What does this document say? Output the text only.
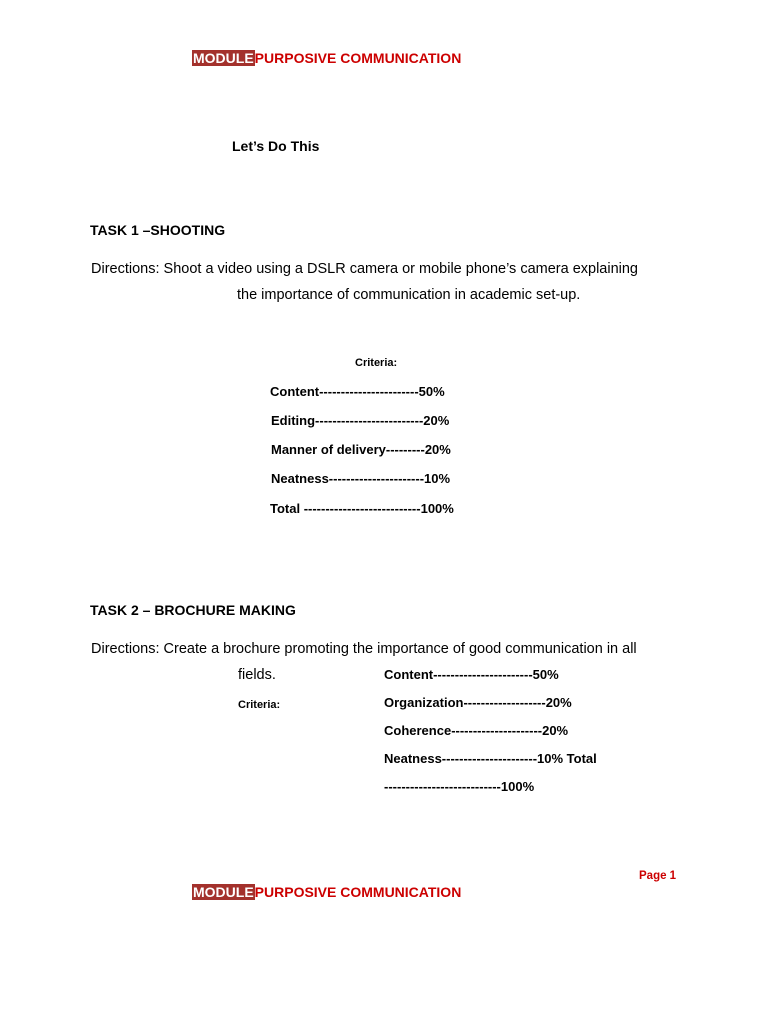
MODULEPURPOSIVE COMMUNICATION
Let’s Do This
TASK 1 –SHOOTING
Directions: Shoot a video using a DSLR camera or mobile phone’s camera explaining
the importance of communication in academic set-up.
Criteria:
Content-----------------------50%
Editing-------------------------20%
Manner of delivery---------20%
Neatness----------------------10%
Total ---------------------------100%
TASK 2 – BROCHURE MAKING
Directions: Create a brochure promoting the importance of good communication in all
fields.
Criteria:
Content-----------------------50%
Organization-------------------20%
Coherence---------------------20%
Neatness----------------------10% Total
---------------------------100%
Page 1
MODULEPURPOSIVE COMMUNICATION
